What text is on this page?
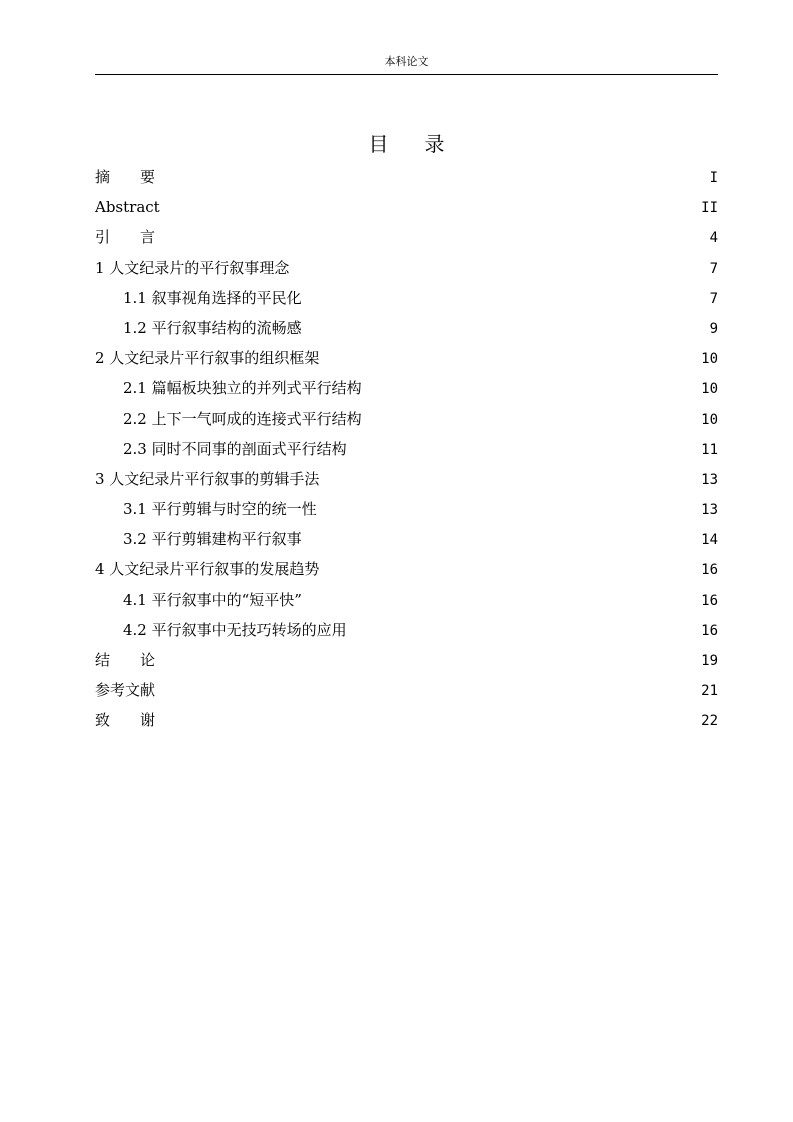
本科论文
目录
摘要	I
Abstract	II
引言	4
1 人文纪录片的平行叙事理念	7
1.1 叙事视角选择的平民化	7
1.2 平行叙事结构的流畅感	9
2 人文纪录片平行叙事的组织框架	10
2.1 篇幅板块独立的并列式平行结构	10
2.2 上下一气呵成的连接式平行结构	10
2.3 同时不同事的剖面式平行结构	11
3 人文纪录片平行叙事的剪辑手法	13
3.1 平行剪辑与时空的统一性	13
3.2 平行剪辑建构平行叙事	14
4 人文纪录片平行叙事的发展趋势	16
4.1 平行叙事中的“短平快”	16
4.2 平行叙事中无技巧转场的应用	16
结论	19
参考文献	21
致谢	22
